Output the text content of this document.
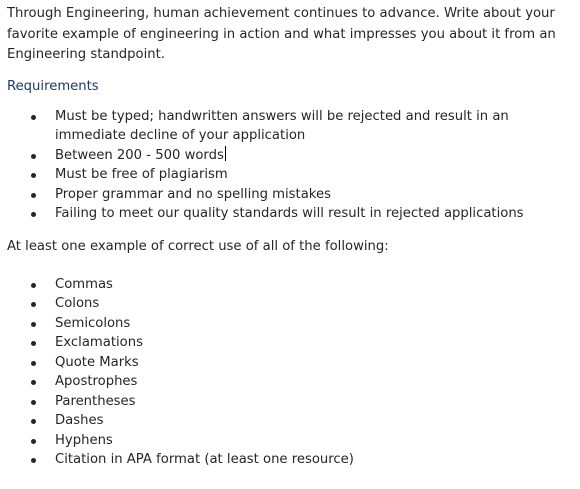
Through Engineering, human achievement continues to advance. Write about your favorite example of engineering in action and what impresses you about it from an Engineering standpoint.

Requirements

Must be typed; handwritten answers will be rejected and result in an immediate decline of your application
Between 200 - 500 words
Must be free of plagiarism
Proper grammar and no spelling mistakes
Failing to meet our quality standards will result in rejected applications

At least one example of correct use of all of the following:

Commas
Colons
Semicolons
Exclamations
Quote Marks
Apostrophes
Parentheses
Dashes
Hyphens
Citation in APA format (at least one resource)
